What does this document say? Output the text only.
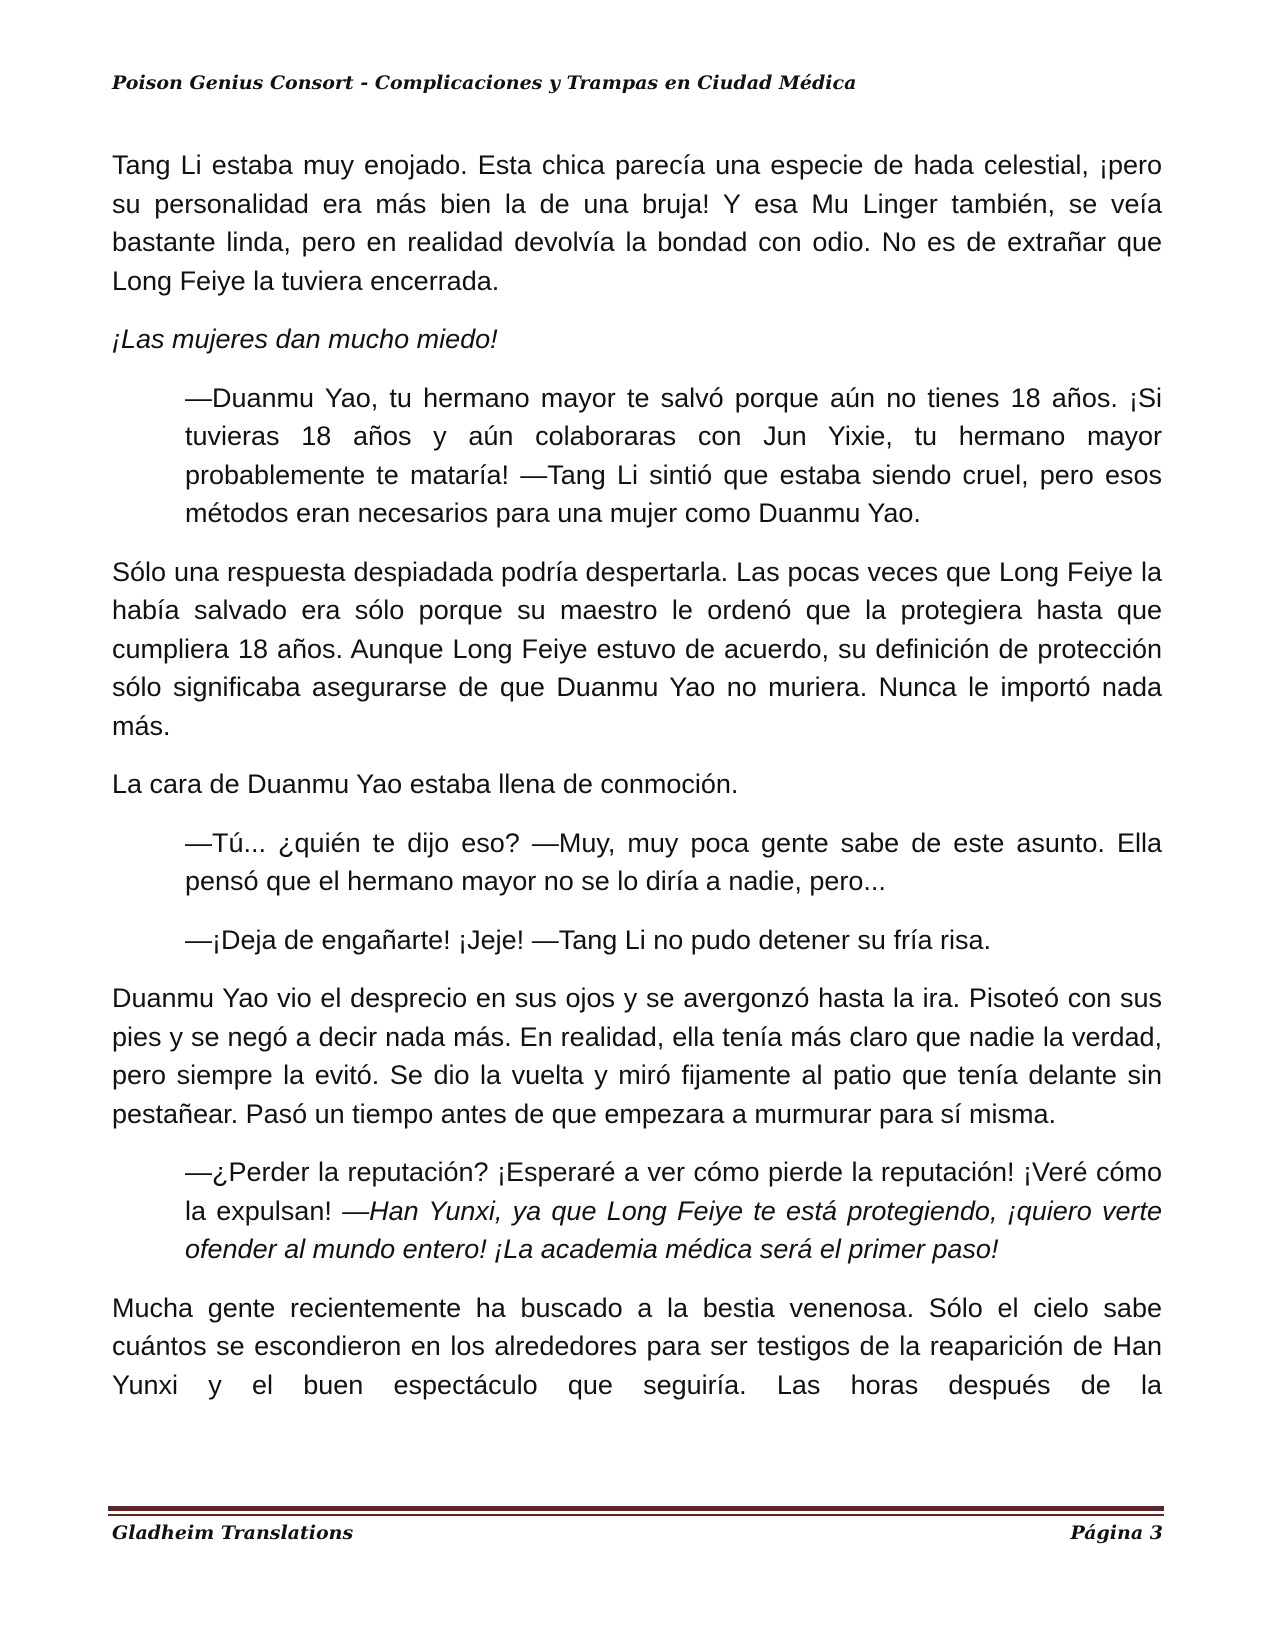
Poison Genius Consort - Complicaciones y Trampas en Ciudad Médica

Tang Li estaba muy enojado. Esta chica parecía una especie de hada celestial, ¡pero su personalidad era más bien la de una bruja! Y esa Mu Linger también, se veía bastante linda, pero en realidad devolvía la bondad con odio. No es de extrañar que Long Feiye la tuviera encerrada.

¡Las mujeres dan mucho miedo!

—Duanmu Yao, tu hermano mayor te salvó porque aún no tienes 18 años. ¡Si tuvieras 18 años y aún colaboraras con Jun Yixie, tu hermano mayor probablemente te mataría! —Tang Li sintió que estaba siendo cruel, pero esos métodos eran necesarios para una mujer como Duanmu Yao.

Sólo una respuesta despiadada podría despertarla. Las pocas veces que Long Feiye la había salvado era sólo porque su maestro le ordenó que la protegiera hasta que cumpliera 18 años. Aunque Long Feiye estuvo de acuerdo, su definición de protección sólo significaba asegurarse de que Duanmu Yao no muriera. Nunca le importó nada más.

La cara de Duanmu Yao estaba llena de conmoción.

—Tú... ¿quién te dijo eso? —Muy, muy poca gente sabe de este asunto. Ella pensó que el hermano mayor no se lo diría a nadie, pero...

—¡Deja de engañarte! ¡Jeje! —Tang Li no pudo detener su fría risa.

Duanmu Yao vio el desprecio en sus ojos y se avergonzó hasta la ira. Pisoteó con sus pies y se negó a decir nada más. En realidad, ella tenía más claro que nadie la verdad, pero siempre la evitó. Se dio la vuelta y miró fijamente al patio que tenía delante sin pestañear. Pasó un tiempo antes de que empezara a murmurar para sí misma.

—¿Perder la reputación? ¡Esperaré a ver cómo pierde la reputación! ¡Veré cómo la expulsan! —Han Yunxi, ya que Long Feiye te está protegiendo, ¡quiero verte ofender al mundo entero! ¡La academia médica será el primer paso!

Mucha gente recientemente ha buscado a la bestia venenosa. Sólo el cielo sabe cuántos se escondieron en los alrededores para ser testigos de la reaparición de Han Yunxi y el buen espectáculo que seguiría. Las horas después de la

Gladheim Translations	Página 3
